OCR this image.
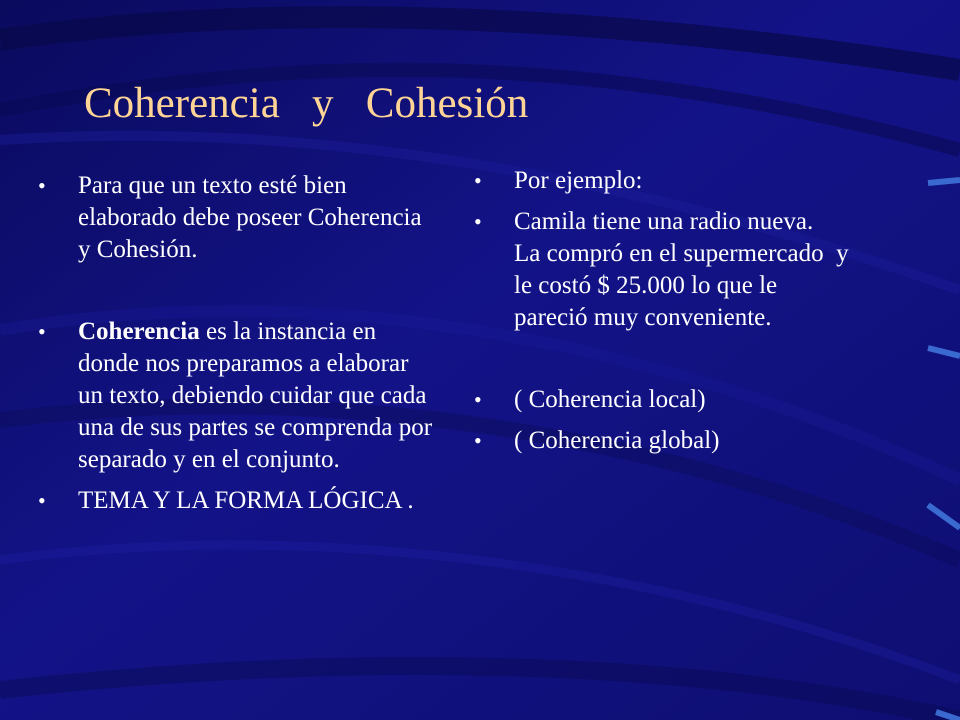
Coherencia   y   Cohesión
• Para que un texto esté bien elaborado debe poseer Coherencia y Cohesión.
• Coherencia es la instancia en donde nos preparamos a elaborar un texto, debiendo cuidar que cada una de sus partes se comprenda por separado y en el conjunto.
• TEMA Y LA FORMA LÓGICA .
• Por ejemplo:
• Camila tiene una radio nueva.   La compró en el supermercado  y le costó $ 25.000 lo que le pareció muy conveniente.
• ( Coherencia local)
• ( Coherencia global)
